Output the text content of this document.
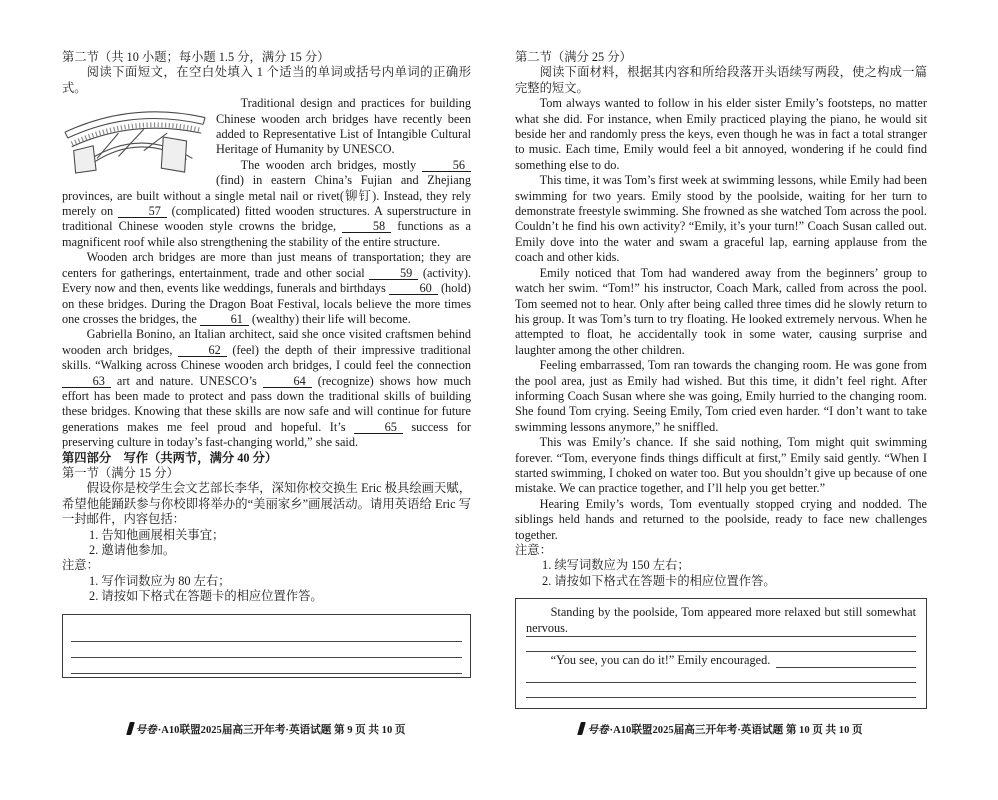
第二节（共 10 小题；每小题 1.5 分，满分 15 分）
阅读下面短文，在空白处填入 1 个适当的单词或括号内单词的正确形式。

Traditional design and practices for building Chinese wooden arch bridges have recently been added to Representative List of Intangible Cultural Heritage of Humanity by UNESCO.

The wooden arch bridges, mostly 56 (find) in eastern China’s Fujian and Zhejiang provinces, are built without a single metal nail or rivet(铆钉). Instead, they rely merely on 57 (complicated) fitted wooden structures. A superstructure in traditional Chinese wooden style crowns the bridge, 58 functions as a magnificent roof while also strengthening the stability of the entire structure.

Wooden arch bridges are more than just means of transportation; they are centers for gatherings, entertainment, trade and other social 59 (activity). Every now and then, events like weddings, funerals and birthdays 60 (hold) on these bridges. During the Dragon Boat Festival, locals believe the more times one crosses the bridges, the 61 (wealthy) their life will become.

Gabriella Bonino, an Italian architect, said she once visited craftsmen behind wooden arch bridges, 62 (feel) the depth of their impressive traditional skills. “Walking across Chinese wooden arch bridges, I could feel the connection 63 art and nature. UNESCO’s 64 (recognize) shows how much effort has been made to protect and pass down the traditional skills of building these bridges. Knowing that these skills are now safe and will continue for future generations makes me feel proud and hopeful. It’s 65 success for preserving culture in today’s fast-changing world,” she said.

第四部分　写作（共两节，满分 40 分）
第一节（满分 15 分）

假设你是校学生会文艺部长李华，深知你校交换生 Eric 极具绘画天赋，希望他能踊跃参与你校即将举办的“美丽家乡”画展活动。请用英语给 Eric 写一封邮件，内容包括：

1. 告知他画展相关事宜；
2. 邀请他参加。
注意：
1. 写作词数应为 80 左右；
2. 请按如下格式在答题卡的相应位置作答。
第二节（满分 25 分）

阅读下面材料，根据其内容和所给段落开头语续写两段，使之构成一篇完整的短文。

Tom always wanted to follow in his elder sister Emily’s footsteps, no matter what she did. For instance, when Emily practiced playing the piano, he would sit beside her and randomly press the keys, even though he was in fact a total stranger to music. Each time, Emily would feel a bit annoyed, wondering if he could find something else to do.

This time, it was Tom’s first week at swimming lessons, while Emily had been swimming for two years. Emily stood by the poolside, waiting for her turn to demonstrate freestyle swimming. She frowned as she watched Tom across the pool. Couldn’t he find his own activity? “Emily, it’s your turn!” Coach Susan called out. Emily dove into the water and swam a graceful lap, earning applause from the coach and other kids.

Emily noticed that Tom had wandered away from the beginners’ group to watch her swim. “Tom!” his instructor, Coach Mark, called from across the pool. Tom seemed not to hear. Only after being called three times did he slowly return to his group. It was Tom’s turn to try floating. He looked extremely nervous. When he attempted to float, he accidentally took in some water, causing surprise and laughter among the other children.

Feeling embarrassed, Tom ran towards the changing room. He was gone from the pool area, just as Emily had wished. But this time, it didn’t feel right. After informing Coach Susan where she was going, Emily hurried to the changing room. She found Tom crying. Seeing Emily, Tom cried even harder. “I don’t want to take swimming lessons anymore,” he sniffled.

This was Emily’s chance. If she said nothing, Tom might quit swimming forever. “Tom, everyone finds things difficult at first,” Emily said gently. “When I started swimming, I choked on water too. But you shouldn’t give up because of one mistake. We can practice together, and I’ll help you get better.”

Hearing Emily’s words, Tom eventually stopped crying and nodded. The siblings held hands and returned to the poolside, ready to face new challenges together.

注意：
1. 续写词数应为 150 左右；
2. 请按如下格式在答题卡的相应位置作答。
Standing by the poolside, Tom appeared more relaxed but still somewhat nervous.
“You see, you can do it!” Emily encouraged.
号卷·A10联盟2025届高三开年考·英语试题 第 9 页 共 10 页	号卷·A10联盟2025届高三开年考·英语试题 第 10 页 共 10 页
